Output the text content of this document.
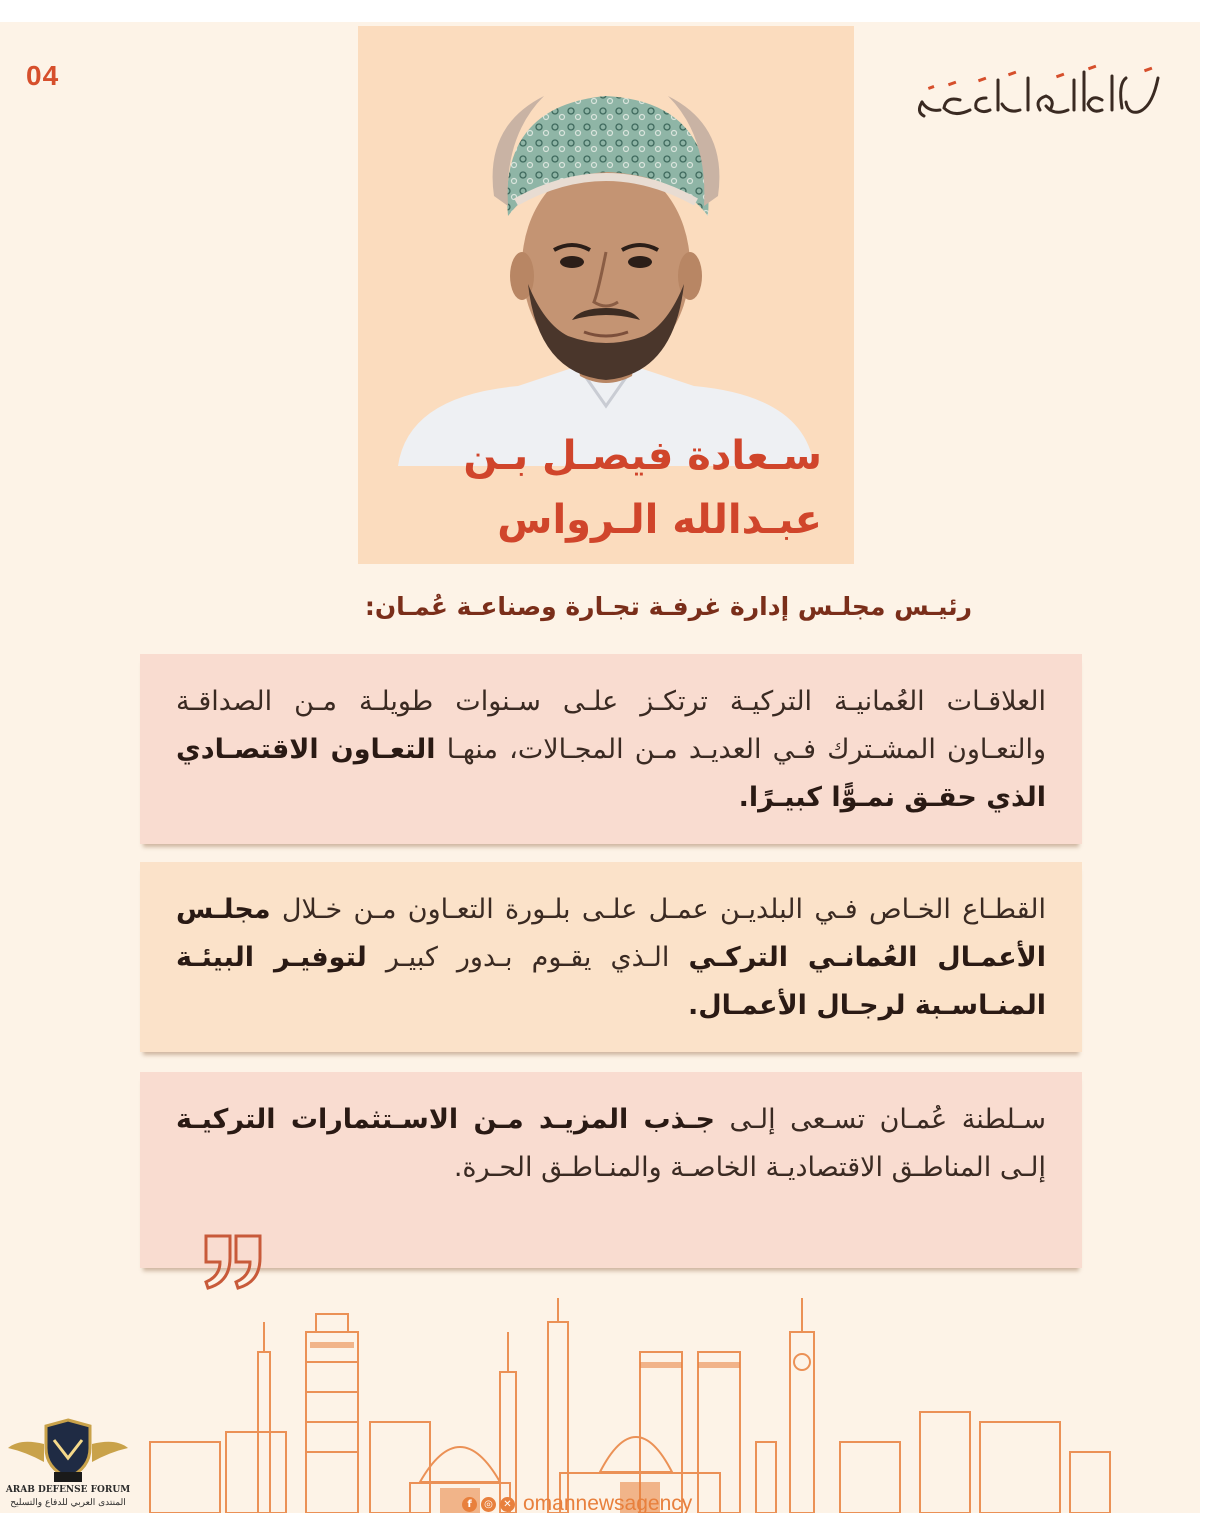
04
سـعادة فيصـل بـن عبـدالله الـرواس
رئيـس مجلـس إدارة غرفـة تجـارة وصناعـة عُمـان:

العلاقـات العُمانيـة التركيـة ترتكـز علـى سـنوات طويلـة مـن الصداقـة والتعـاون المشـترك فـي العديـد مـن المجـالات، منهـا التعـاون الاقتصـادي الذي حقـق نمـوًّا كبيـرًا.

القطـاع الخـاص فـي البلديـن عمـل علـى بلـورة التعـاون مـن خـلال مجلـس الأعمـال العُمانـي التركـي الـذي يقـوم بـدور كبيـر لتوفيـر البيئـة المنـاسـبة لرجـال الأعمـال.

سـلطنة عُمـان تسـعى إلـى جـذب المزيـد مـن الاسـتثمارات التركيـة إلـى المناطـق الاقتصاديـة الخاصـة والمنـاطـق الحـرة.

ARAB DEFENSE FORUM
المنتدى العربي للدفاع والتسليح	f	◎	✕ omannewsagency
